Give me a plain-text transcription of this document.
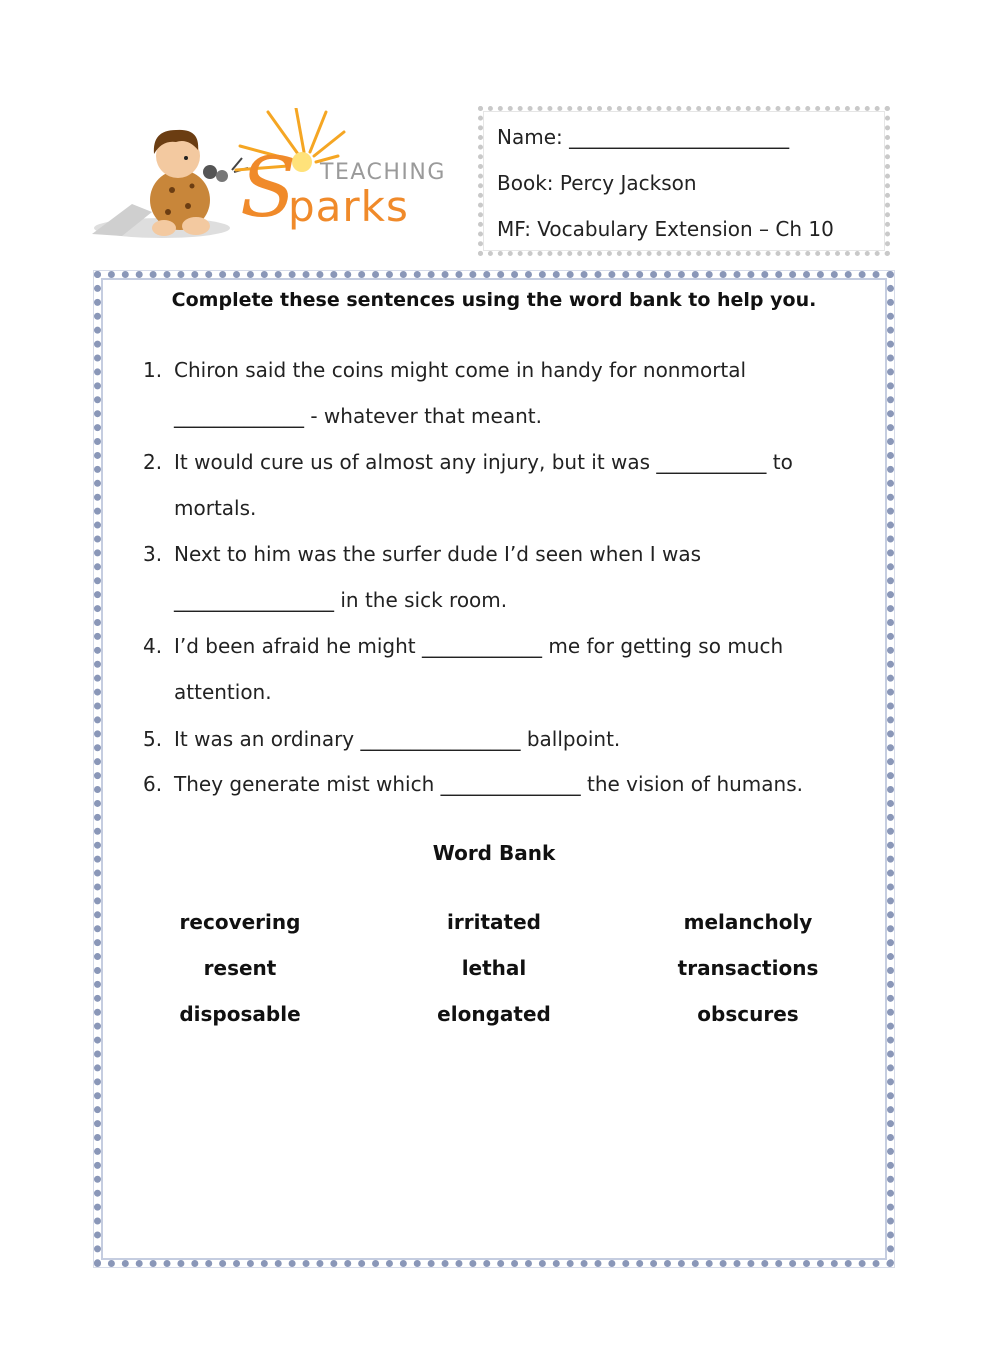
TEACHING
S
parks
Name: ______________________
Book: Percy Jackson
MF: Vocabulary Extension – Ch 10
Complete these sentences using the word bank to help you.
1. Chiron said the coins might come in handy for nonmortal
_____________ - whatever that meant.
2. It would cure us of almost any injury, but it was ___________ to
mortals.
3. Next to him was the surfer dude I’d seen when I was
________________ in the sick room.
4. I’d been afraid he might ____________ me for getting so much
attention.
5. It was an ordinary ________________ ballpoint.
6. They generate mist which ______________ the vision of humans.
Word Bank
recovering	irritated	melancholy
resent	lethal	transactions
disposable	elongated	obscures
